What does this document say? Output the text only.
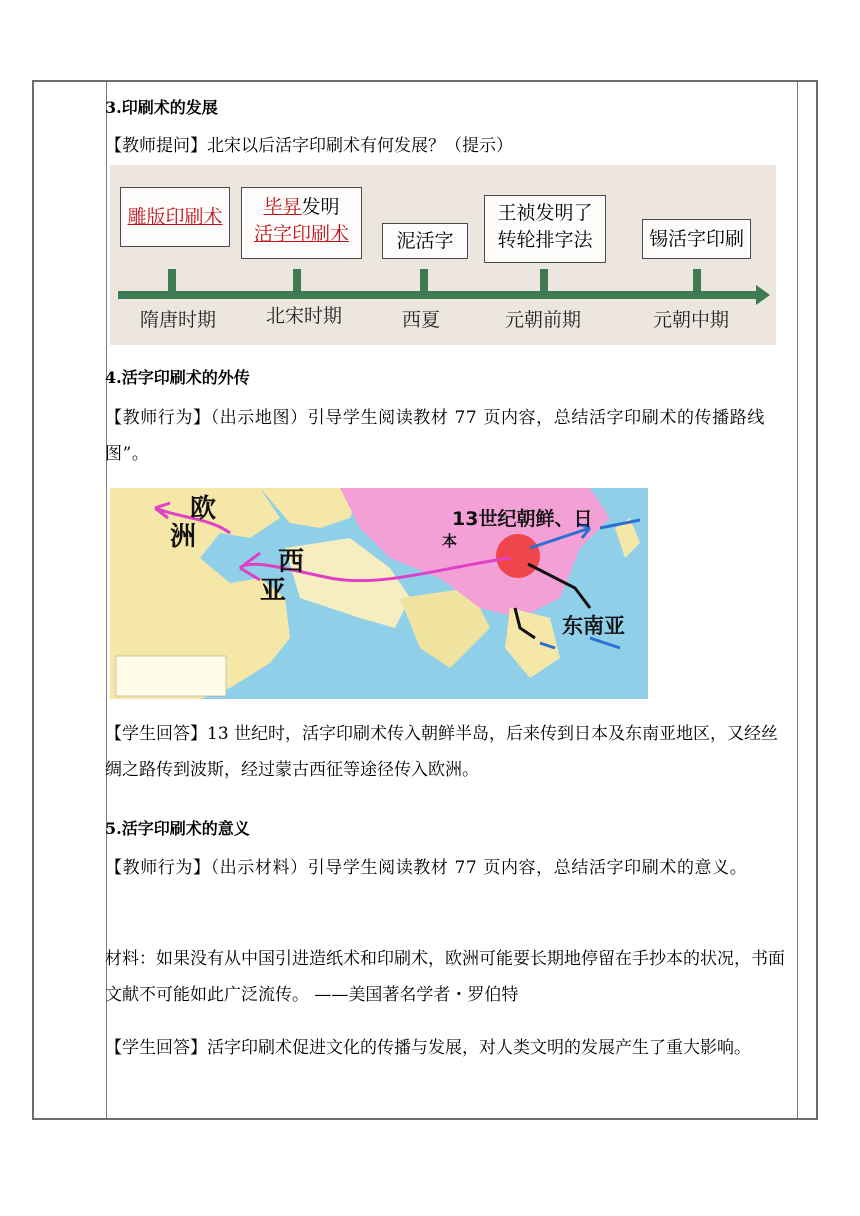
3.印刷术的发展
【教师提问】北宋以后活字印刷术有何发展？（提示）
雕版印刷术	毕昇发明
活字印刷术	泥活字
王祯发明了
转轮排字法	锡活字印刷
隋唐时期	北宋时期	西夏	元朝前期	元朝中期
4.活字印刷术的外传
【教师行为】（出示地图）引导学生阅读教材 77 页内容，总结活字印刷术的传播路线图”。
欧
洲
西
亚
13世纪朝鲜、日
本
东南亚
【学生回答】13 世纪时，活字印刷术传入朝鲜半岛，后来传到日本及东南亚地区，又经丝绸之路传到波斯，经过蒙古西征等途径传入欧洲。
5.活字印刷术的意义
【教师行为】（出示材料）引导学生阅读教材 77 页内容，总结活字印刷术的意义。
材料：如果没有从中国引进造纸术和印刷术，欧洲可能要长期地停留在手抄本的状况，书面文献不可能如此广泛流传。 ——美国著名学者・罗伯特
【学生回答】活字印刷术促进文化的传播与发展，对人类文明的发展产生了重大影响。
